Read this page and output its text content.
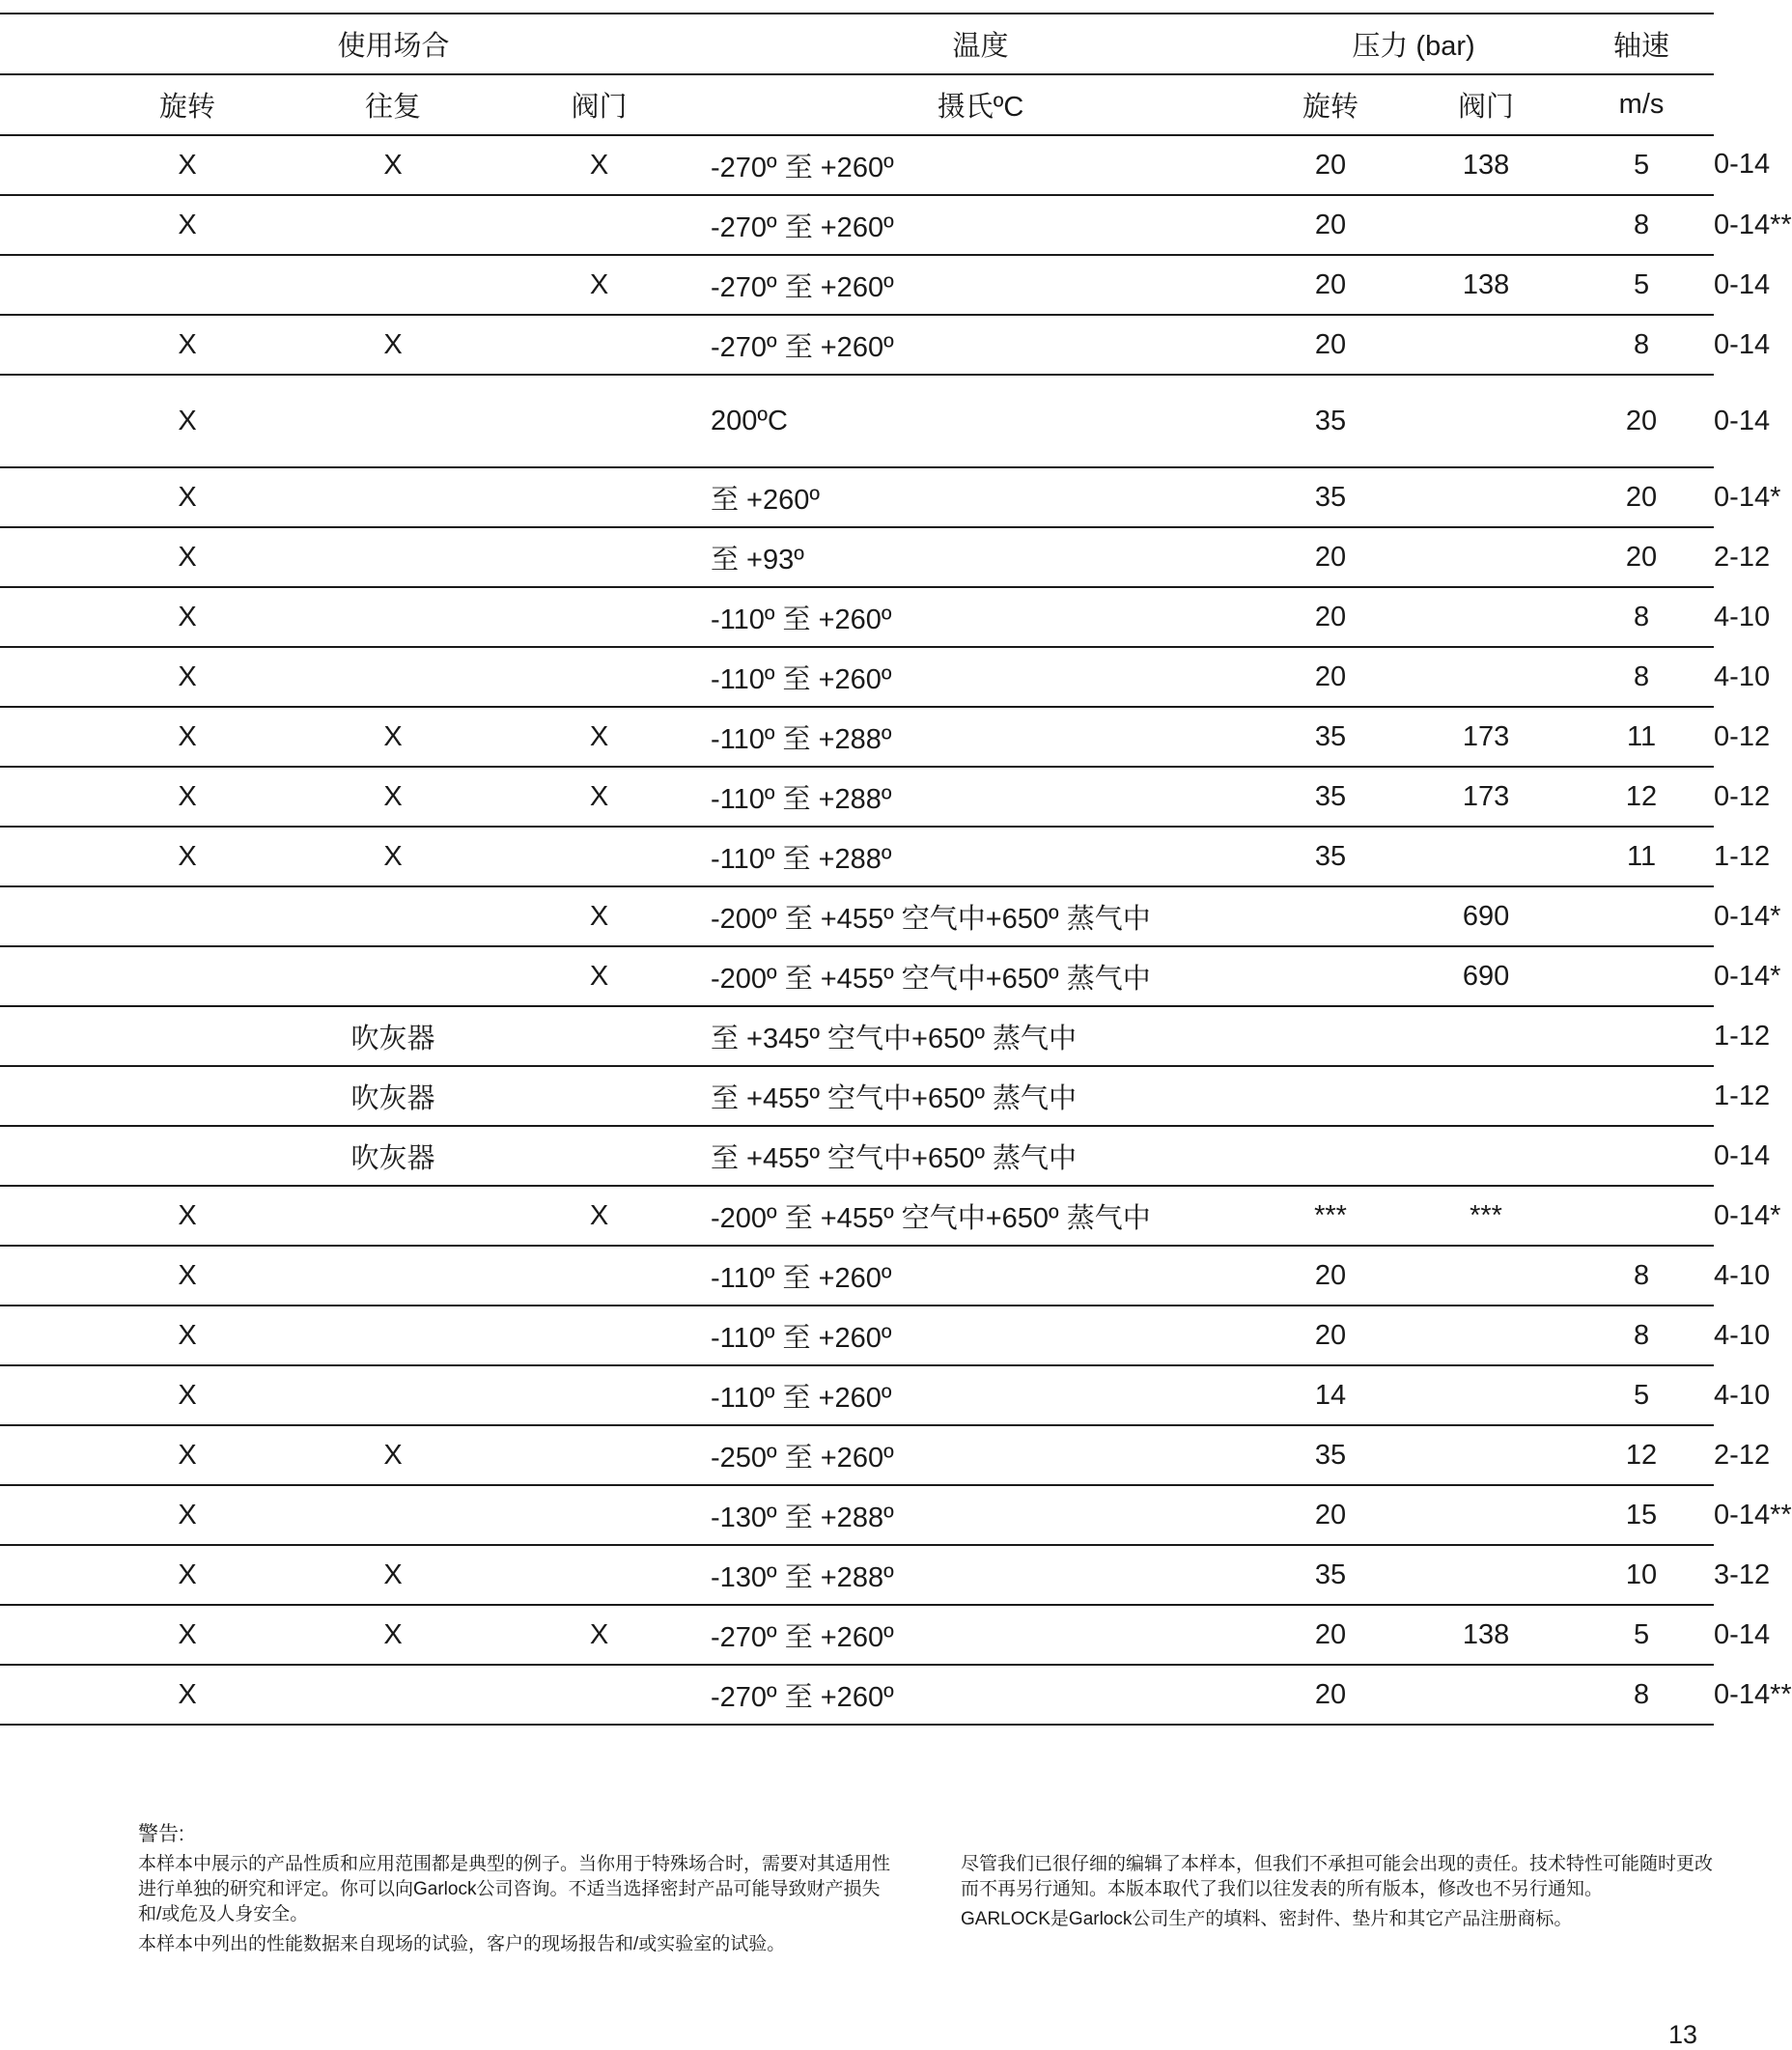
	使用场合			温度	压力 (bar)		轴速	
	旋转	往复	阀门	摄氏ºC	旋转	阀门	m/s	
	X	X	X	-270º 至 +260º	20	138	5	0-14
	X			-270º 至 +260º	20		8	0-14**
			X	-270º 至 +260º	20	138	5	0-14
	X	X		-270º 至 +260º	20		8	0-14
	X			200ºC	35		20	0-14
	X			至 +260º	35		20	0-14*
	X			至 +93º	20		20	2-12
	X			-110º 至 +260º	20		8	4-10
	X			-110º 至 +260º	20		8	4-10
	X	X	X	-110º 至 +288º	35	173	11	0-12
	X	X	X	-110º 至 +288º	35	173	12	0-12
	X	X		-110º 至 +288º	35		11	1-12
			X	-200º 至 +455º 空气中+650º 蒸气中		690		0-14*
			X	-200º 至 +455º 空气中+650º 蒸气中		690		0-14*
		吹灰器		至 +345º 空气中+650º 蒸气中				1-12
		吹灰器		至 +455º 空气中+650º 蒸气中				1-12
		吹灰器		至 +455º 空气中+650º 蒸气中				0-14
	X		X	-200º 至 +455º 空气中+650º 蒸气中	***	***		0-14*
	X			-110º 至 +260º	20		8	4-10
	X			-110º 至 +260º	20		8	4-10
	X			-110º 至 +260º	14		5	4-10
	X	X		-250º 至 +260º	35		12	2-12
	X			-130º 至 +288º	20		15	0-14**
	X	X		-130º 至 +288º	35		10	3-12
	X	X	X	-270º 至 +260º	20	138	5	0-14
	X			-270º 至 +260º	20		8	0-14**
警告:

本样本中展示的产品性质和应用范围都是典型的例子。当你用于特殊场合时，需要对其适用性进行单独的研究和评定。你可以向Garlock公司咨询。不适当选择密封产品可能导致财产损失和/或危及人身安全。

本样本中列出的性能数据来自现场的试验，客户的现场报告和/或实验室的试验。

尽管我们已很仔细的编辑了本样本，但我们不承担可能会出现的责任。技术特性可能随时更改而不再另行通知。本版本取代了我们以往发表的所有版本，修改也不另行通知。

GARLOCK是Garlock公司生产的填料、密封件、垫片和其它产品注册商标。

13
